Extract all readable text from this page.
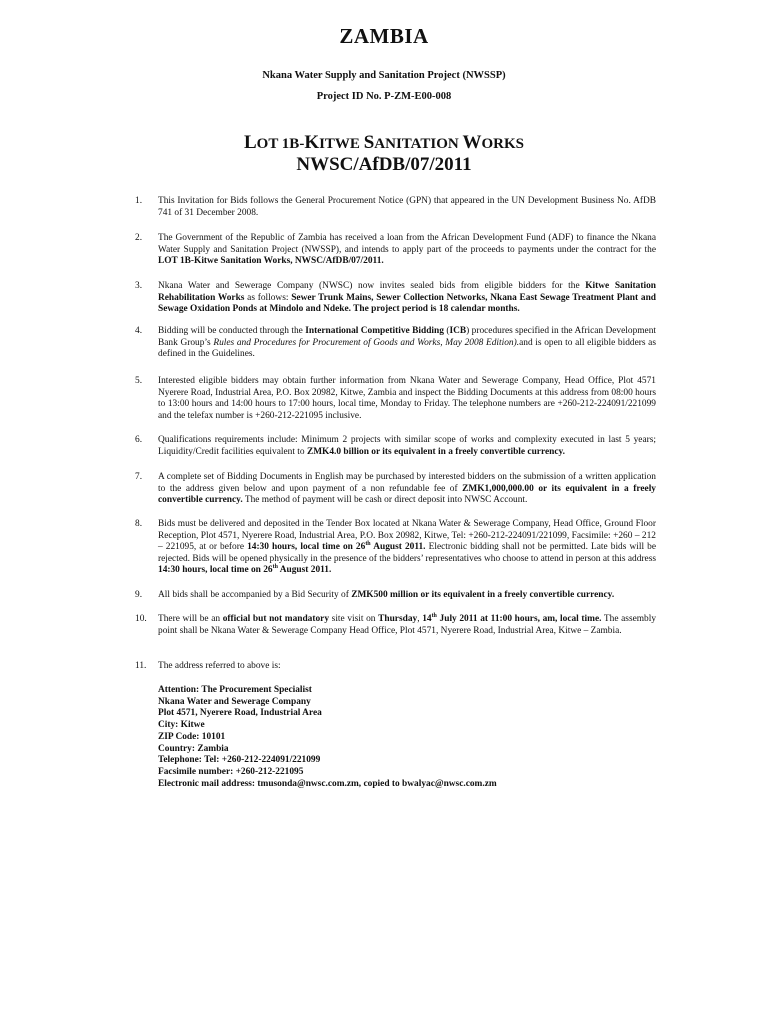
ZAMBIA
Nkana Water Supply and Sanitation Project (NWSSP)
Project ID No. P-ZM-E00-008
LOT 1B-KITWE SANITATION WORKS
NWSC/AfDB/07/2011
1. This Invitation for Bids follows the General Procurement Notice (GPN) that appeared in the UN Development Business No. AfDB 741 of 31 December 2008.
2. The Government of the Republic of Zambia has received a loan from the African Development Fund (ADF) to finance the Nkana Water Supply and Sanitation Project (NWSSP), and intends to apply part of the proceeds to payments under the contract for the LOT 1B-Kitwe Sanitation Works, NWSC/AfDB/07/2011.
3. Nkana Water and Sewerage Company (NWSC) now invites sealed bids from eligible bidders for the Kitwe Sanitation Rehabilitation Works as follows: Sewer Trunk Mains, Sewer Collection Networks, Nkana East Sewage Treatment Plant and Sewage Oxidation Ponds at Mindolo and Ndeke. The project period is 18 calendar months.
4. Bidding will be conducted through the International Competitive Bidding (ICB) procedures specified in the African Development Bank Group’s Rules and Procedures for Procurement of Goods and Works, May 2008 Edition).and is open to all eligible bidders as defined in the Guidelines.
5. Interested eligible bidders may obtain further information from Nkana Water and Sewerage Company, Head Office, Plot 4571 Nyerere Road, Industrial Area, P.O. Box 20982, Kitwe, Zambia and inspect the Bidding Documents at this address from 08:00 hours to 13:00 hours and 14:00 hours to 17:00 hours, local time, Monday to Friday. The telephone numbers are +260-212-224091/221099 and the telefax number is +260-212-221095 inclusive.
6. Qualifications requirements include: Minimum 2 projects with similar scope of works and complexity executed in last 5 years; Liquidity/Credit facilities equivalent to ZMK4.0 billion or its equivalent in a freely convertible currency.
7. A complete set of Bidding Documents in English may be purchased by interested bidders on the submission of a written application to the address given below and upon payment of a non refundable fee of ZMK1,000,000.00 or its equivalent in a freely convertible currency. The method of payment will be cash or direct deposit into NWSC Account.
8. Bids must be delivered and deposited in the Tender Box located at Nkana Water & Sewerage Company, Head Office, Ground Floor Reception, Plot 4571, Nyerere Road, Industrial Area, P.O. Box 20982, Kitwe, Tel: +260-212-224091/221099, Facsimile: +260 – 212 – 221095, at or before 14:30 hours, local time on 26th August 2011. Electronic bidding shall not be permitted. Late bids will be rejected. Bids will be opened physically in the presence of the bidders’ representatives who choose to attend in person at this address 14:30 hours, local time on 26th August 2011.
9. All bids shall be accompanied by a Bid Security of ZMK500 million or its equivalent in a freely convertible currency.
10. There will be an official but not mandatory site visit on Thursday, 14th July 2011 at 11:00 hours, am, local time. The assembly point shall be Nkana Water & Sewerage Company Head Office, Plot 4571, Nyerere Road, Industrial Area, Kitwe – Zambia.
11. The address referred to above is:
Attention: The Procurement Specialist
Nkana Water and Sewerage Company
Plot 4571, Nyerere Road, Industrial Area
City: Kitwe
ZIP Code: 10101
Country: Zambia
Telephone: Tel: +260-212-224091/221099
Facsimile number: +260-212-221095
Electronic mail address: tmusonda@nwsc.com.zm, copied to bwalyac@nwsc.com.zm
